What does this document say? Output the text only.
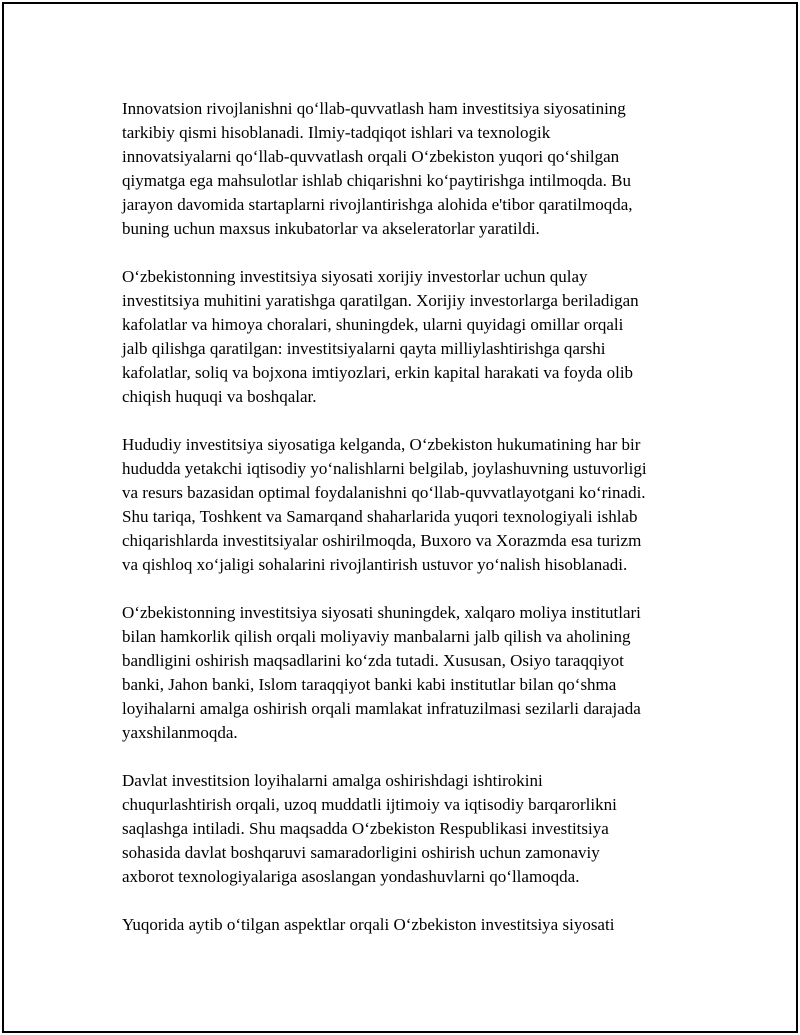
Innovatsion rivojlanishni qo‘llab-quvvatlash ham investitsiya siyosatining
tarkibiy qismi hisoblanadi. Ilmiy-tadqiqot ishlari va texnologik
innovatsiyalarni qo‘llab-quvvatlash orqali O‘zbekiston yuqori qo‘shilgan
qiymatga ega mahsulotlar ishlab chiqarishni ko‘paytirishga intilmoqda. Bu
jarayon davomida startaplarni rivojlantirishga alohida e'tibor qaratilmoqda,
buning uchun maxsus inkubatorlar va akseleratorlar yaratildi.

O‘zbekistonning investitsiya siyosati xorijiy investorlar uchun qulay
investitsiya muhitini yaratishga qaratilgan. Xorijiy investorlarga beriladigan
kafolatlar va himoya choralari, shuningdek, ularni quyidagi omillar orqali
jalb qilishga qaratilgan: investitsiyalarni qayta milliylashtirishga qarshi
kafolatlar, soliq va bojxona imtiyozlari, erkin kapital harakati va foyda olib
chiqish huquqi va boshqalar.

Hududiy investitsiya siyosatiga kelganda, O‘zbekiston hukumatining har bir
hududda yetakchi iqtisodiy yo‘nalishlarni belgilab, joylashuvning ustuvorligi
va resurs bazasidan optimal foydalanishni qo‘llab-quvvatlayotgani ko‘rinadi.
Shu tariqa, Toshkent va Samarqand shaharlarida yuqori texnologiyali ishlab
chiqarishlarda investitsiyalar oshirilmoqda, Buxoro va Xorazmda esa turizm
va qishloq xo‘jaligi sohalarini rivojlantirish ustuvor yo‘nalish hisoblanadi.

O‘zbekistonning investitsiya siyosati shuningdek, xalqaro moliya institutlari
bilan hamkorlik qilish orqali moliyaviy manbalarni jalb qilish va aholining
bandligini oshirish maqsadlarini ko‘zda tutadi. Xususan, Osiyo taraqqiyot
banki, Jahon banki, Islom taraqqiyot banki kabi institutlar bilan qo‘shma
loyihalarni amalga oshirish orqali mamlakat infratuzilmasi sezilarli darajada
yaxshilanmoqda.

Davlat investitsion loyihalarni amalga oshirishdagi ishtirokini
chuqurlashtirish orqali, uzoq muddatli ijtimoiy va iqtisodiy barqarorlikni
saqlashga intiladi. Shu maqsadda O‘zbekiston Respublikasi investitsiya
sohasida davlat boshqaruvi samaradorligini oshirish uchun zamonaviy
axborot texnologiyalariga asoslangan yondashuvlarni qo‘llamoqda.

Yuqorida aytib o‘tilgan aspektlar orqali O‘zbekiston investitsiya siyosati
